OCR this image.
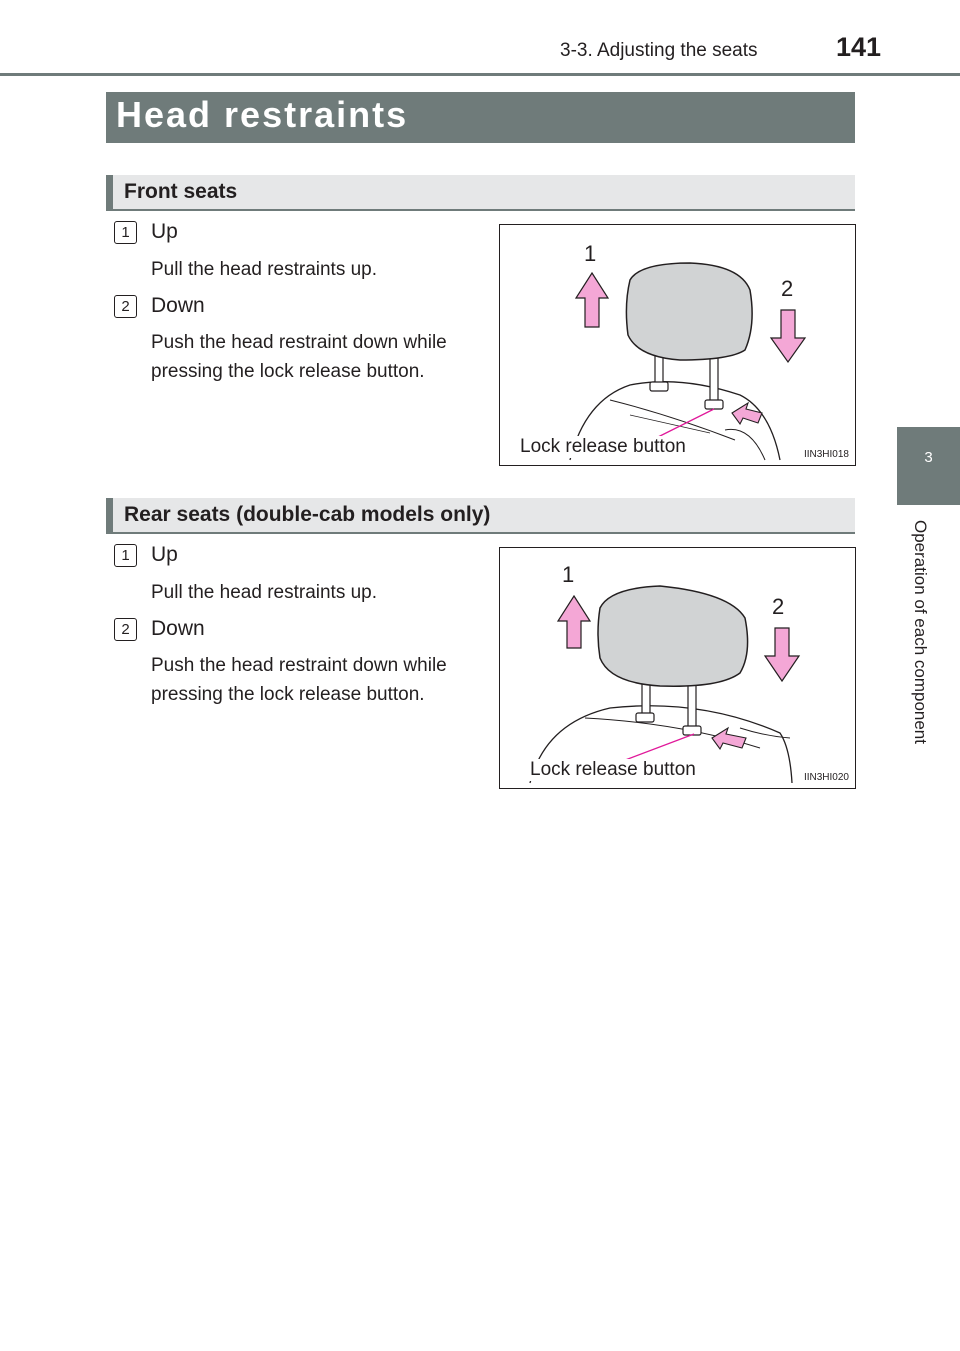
3-3. Adjusting the seats	141
3
Operation of each component
Head restraints
Front seats
1	Up
Pull the head restraints up.
2	Down
Push the head restraint down while pressing the lock release button.
1
2
Lock release button	IIN3HI018
Rear seats (double-cab models only)
1	Up
Pull the head restraints up.
2	Down
Push the head restraint down while pressing the lock release button.
1
2
Lock release button	IIN3HI020
